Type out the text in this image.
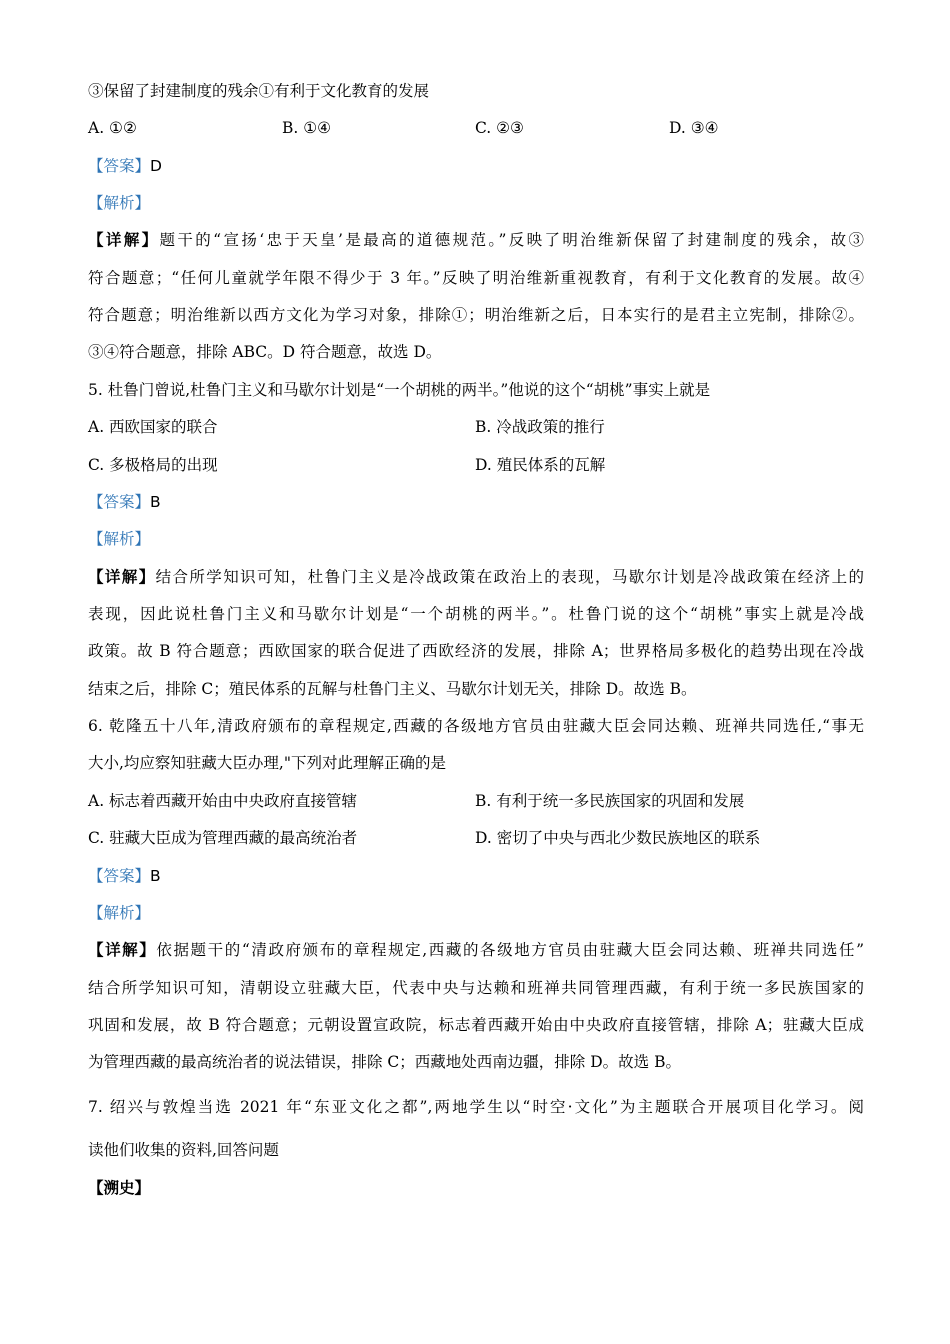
③保留了封建制度的残余①有利于文化教育的发展
A. ①②	B. ①④	C. ②③	D. ③④
【答案】D
【解析】
【详解】题干的“宣扬‘忠于天皇’是最高的道德规范。”反映了明治维新保留了封建制度的残余，故③
符合题意；“任何儿童就学年限不得少于 3 年。”反映了明治维新重视教育，有利于文化教育的发展。故④
符合题意；明治维新以西方文化为学习对象，排除①；明治维新之后，日本实行的是君主立宪制，排除②。
③④符合题意，排除 ABC。D 符合题意，故选 D。
5. 杜鲁门曾说,杜鲁门主义和马歇尔计划是“一个胡桃的两半。”他说的这个“胡桃”事实上就是
A. 西欧国家的联合	B. 冷战政策的推行
C. 多极格局的出现	D. 殖民体系的瓦解
【答案】B
【解析】
【详解】结合所学知识可知，杜鲁门主义是冷战政策在政治上的表现，马歇尔计划是冷战政策在经济上的
表现，因此说杜鲁门主义和马歇尔计划是“一个胡桃的两半。”。杜鲁门说的这个“胡桃”事实上就是冷战
政策。故 B 符合题意；西欧国家的联合促进了西欧经济的发展，排除 A；世界格局多极化的趋势出现在冷战
结束之后，排除 C；殖民体系的瓦解与杜鲁门主义、马歇尔计划无关，排除 D。故选 B。
6. 乾隆五十八年,清政府颁布的章程规定,西藏的各级地方官员由驻藏大臣会同达赖、班禅共同选任,“事无
大小,均应察知驻藏大臣办理,"下列对此理解正确的是
A. 标志着西藏开始由中央政府直接管辖	B. 有利于统一多民族国家的巩固和发展
C. 驻藏大臣成为管理西藏的最高统治者	D. 密切了中央与西北少数民族地区的联系
【答案】B
【解析】
【详解】依据题干的“清政府颁布的章程规定,西藏的各级地方官员由驻藏大臣会同达赖、班禅共同选任”
结合所学知识可知，清朝设立驻藏大臣，代表中央与达赖和班禅共同管理西藏，有利于统一多民族国家的
巩固和发展，故 B 符合题意；元朝设置宣政院，标志着西藏开始由中央政府直接管辖，排除 A；驻藏大臣成
为管理西藏的最高统治者的说法错误，排除 C；西藏地处西南边疆，排除 D。故选 B。
7. 绍兴与敦煌当选 2021 年“东亚文化之都”,两地学生以“时空·文化”为主题联合开展项目化学习。阅
读他们收集的资料,回答问题
【溯史】
